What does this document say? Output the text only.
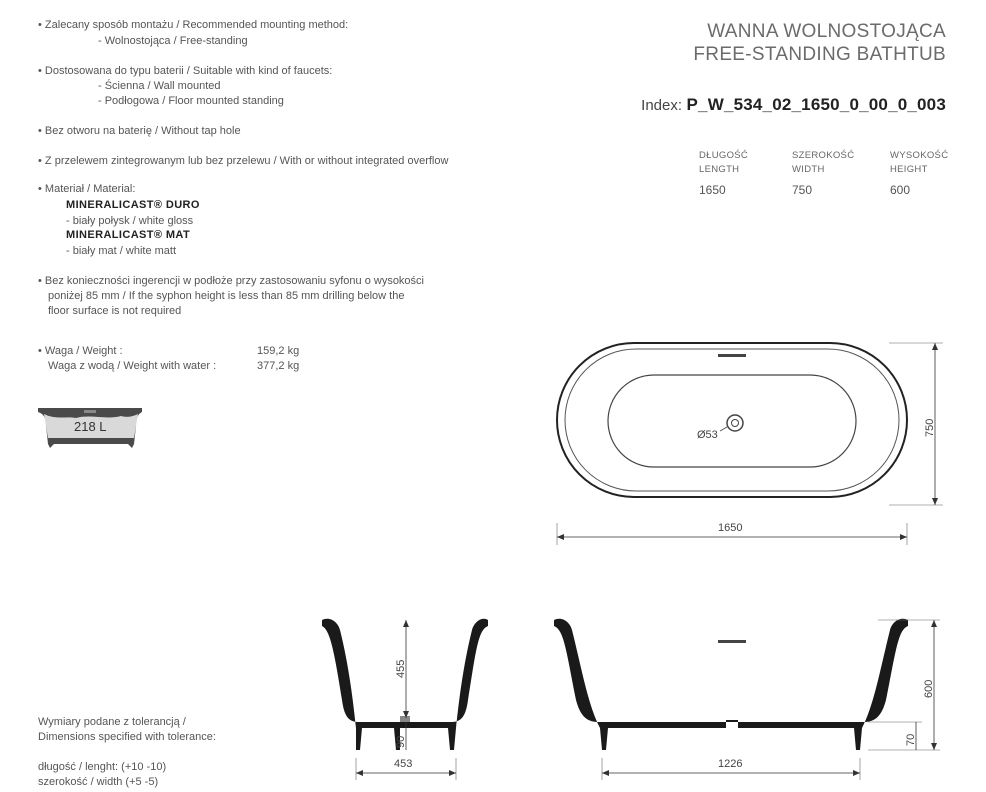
• Zalecany sposób montażu / Recommended mounting method:
- Wolnostojąca / Free-standing
• Dostosowana do typu baterii / Suitable with kind of faucets:
- Ścienna / Wall mounted
- Podłogowa / Floor mounted standing
• Bez otworu na baterię / Without tap hole
• Z przelewem zintegrowanym lub bez przelewu / With or without integrated overflow
• Materiał / Material:
MINERALICAST® DURO
- biały połysk / white gloss
MINERALICAST® MAT
- biały mat / white matt
• Bez konieczności ingerencji w podłoże przy zastosowaniu syfonu o wysokości
poniżej 85 mm / If the syphon height is less than 85 mm drilling below the
floor surface is not required
• Waga / Weight :	159,2 kg
Waga z wodą / Weight with water :	377,2 kg
218 L
WANNA WOLNOSTOJĄCA
FREE-STANDING BATHTUB
Index: P_W_534_02_1650_0_00_0_003
DŁUGOŚĆ
LENGTH
SZEROKOŚĆ
WIDTH
WYSOKOŚĆ
HEIGHT
1650	750	600
Ø53	750
1650
455
90
453
600
70
1226
Wymiary podane z tolerancją /
Dimensions specified with tolerance:
długość / lenght: (+10 -10)
szerokość / width (+5 -5)
